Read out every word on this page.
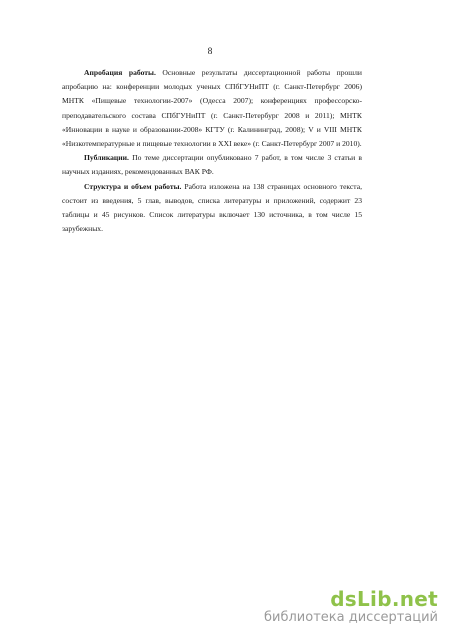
8

Апробация работы. Основные результаты диссертационной работы прошли апробацию на: конференции молодых ученых СПбГУНиПТ (г. Санкт-Петербург 2006) МНТК «Пищевые технологии-2007» (Одесса 2007); конференциях профессорско-преподавательского состава СПбГУНиПТ (г. Санкт-Петербург 2008 и 2011); МНТК «Инновации в науке и образовании-2008» КГТУ (г. Калининград, 2008); V и VIII МНТК «Низкотемпературные и пищевые технологии в XXI веке» (г. Санкт-Петербург 2007 и 2010).

Публикации. По теме диссертации опубликовано 7 работ, в том числе 3 статьи в научных изданиях, рекомендованных ВАК РФ.

Структура и объем работы. Работа изложена на 138 страницах основного текста, состоит из введения, 5 глав, выводов, списка литературы и приложений, содержит 23 таблицы и 45 рисунков. Список литературы включает 130 источника, в том числе 15 зарубежных.

dsLib.net
библиотека диссертаций
